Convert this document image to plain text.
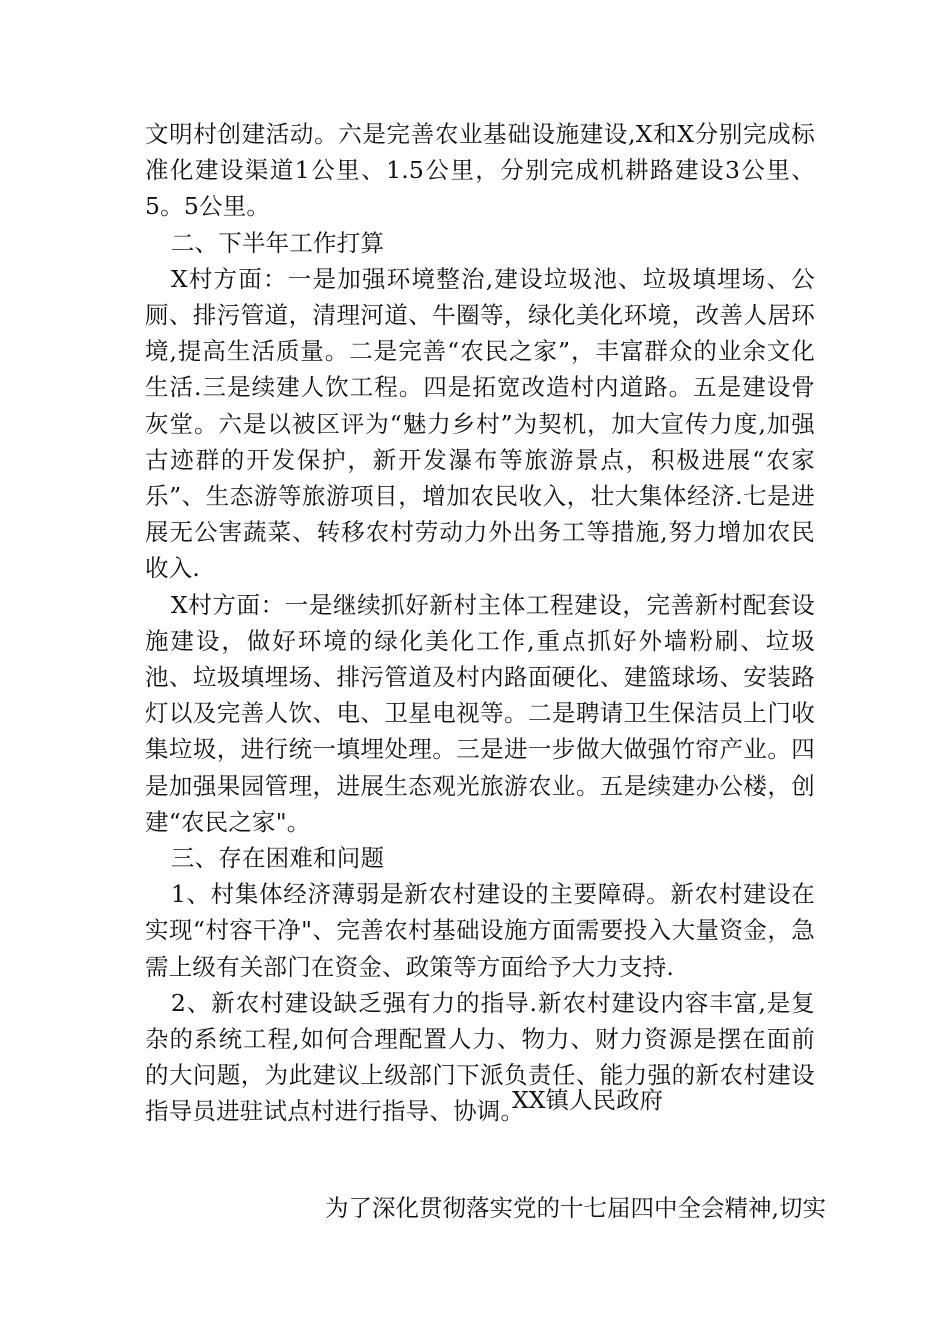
文明村创建活动。六是完善农业基础设施建设,X和X分别完成标准化建设渠道1公里、1.5公里，分别完成机耕路建设3公里、5。5公里。

二、下半年工作打算

X村方面：一是加强环境整治,建设垃圾池、垃圾填埋场、公厕、排污管道，清理河道、牛圈等，绿化美化环境，改善人居环境,提高生活质量。二是完善“农民之家”，丰富群众的业余文化生活.三是续建人饮工程。四是拓宽改造村内道路。五是建设骨灰堂。六是以被区评为“魅力乡村”为契机，加大宣传力度,加强古迹群的开发保护，新开发瀑布等旅游景点，积极进展“农家乐”、生态游等旅游项目，增加农民收入，壮大集体经济.七是进展无公害蔬菜、转移农村劳动力外出务工等措施,努力增加农民收入.

X村方面：一是继续抓好新村主体工程建设，完善新村配套设施建设，做好环境的绿化美化工作,重点抓好外墙粉刷、垃圾池、垃圾填埋场、排污管道及村内路面硬化、建篮球场、安装路灯以及完善人饮、电、卫星电视等。二是聘请卫生保洁员上门收集垃圾，进行统一填埋处理。三是进一步做大做强竹帘产业。四是加强果园管理，进展生态观光旅游农业。五是续建办公楼，创建“农民之家"。

三、存在困难和问题

1、村集体经济薄弱是新农村建设的主要障碍。新农村建设在实现“村容干净"、完善农村基础设施方面需要投入大量资金，急需上级有关部门在资金、政策等方面给予大力支持.

2、新农村建设缺乏强有力的指导.新农村建设内容丰富,是复杂的系统工程,如何合理配置人力、物力、财力资源是摆在面前的大问题，为此建议上级部门下派负责任、能力强的新农村建设指导员进驻试点村进行指导、协调。

XX镇人民政府
为了深化贯彻落实党的十七届四中全会精神,切实
